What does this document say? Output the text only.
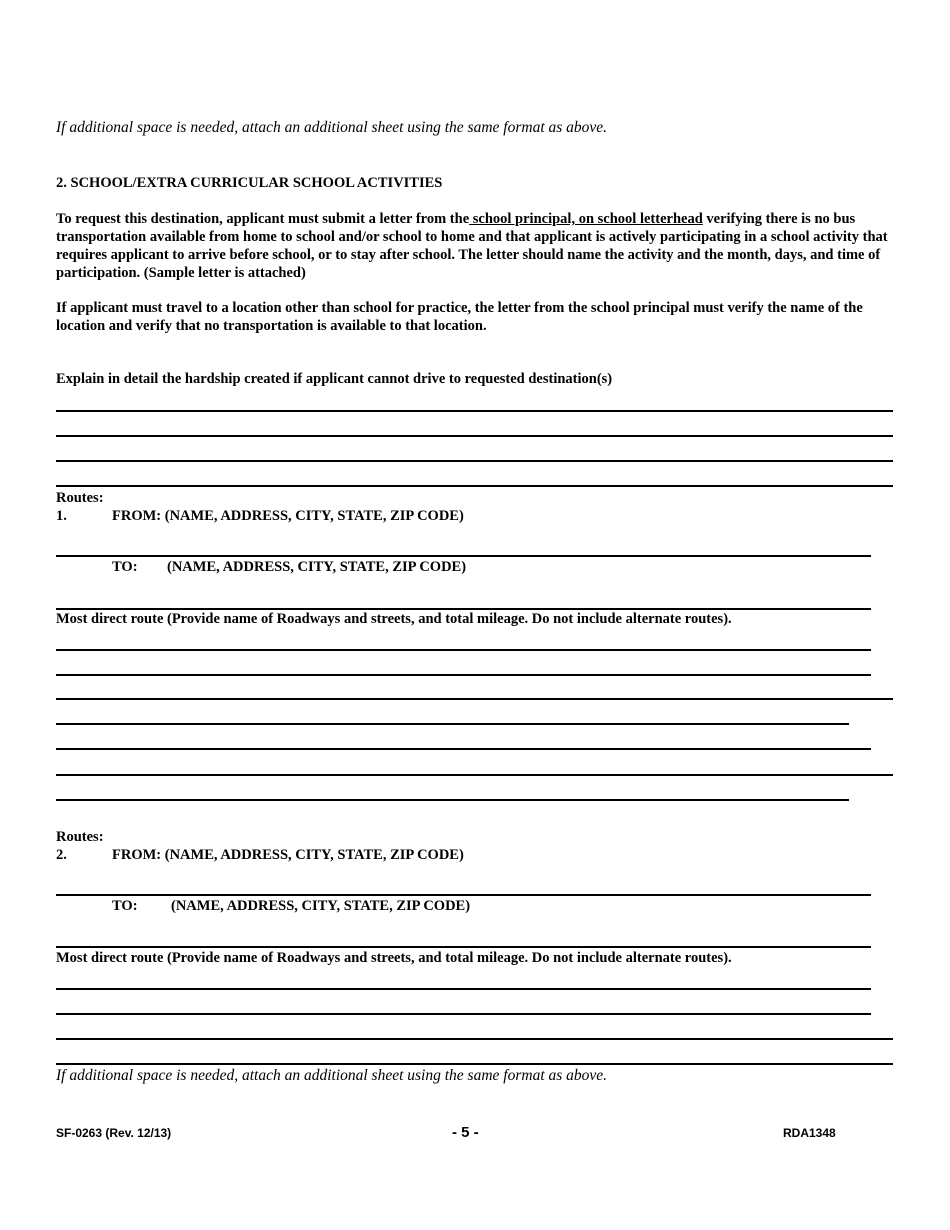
If additional space is needed, attach an additional sheet using the same format as above.
2. SCHOOL/EXTRA CURRICULAR SCHOOL ACTIVITIES
To request this destination, applicant must submit a letter from the school principal, on school letterhead verifying there is no bus transportation available from home to school and/or school to home and that applicant is actively participating in a school activity that requires applicant to arrive before school, or to stay after school. The letter should name the activity and the month, days, and time of participation. (Sample letter is attached)
If applicant must travel to a location other than school for practice, the letter from the school principal must verify the name of the location and verify that no transportation is available to that location.
Explain in detail the hardship created if applicant cannot drive to requested destination(s)
Routes:
1.	FROM: (NAME, ADDRESS, CITY, STATE, ZIP CODE)
TO: (NAME, ADDRESS, CITY, STATE, ZIP CODE)
Most direct route (Provide name of Roadways and streets, and total mileage. Do not include alternate routes).
Routes:
2.	FROM: (NAME, ADDRESS, CITY, STATE, ZIP CODE)
TO: (NAME, ADDRESS, CITY, STATE, ZIP CODE)
Most direct route (Provide name of Roadways and streets, and total mileage. Do not include alternate routes).
If additional space is needed, attach an additional sheet using the same format as above.
SF-0263 (Rev. 12/13)	- 5 -	RDA1348
